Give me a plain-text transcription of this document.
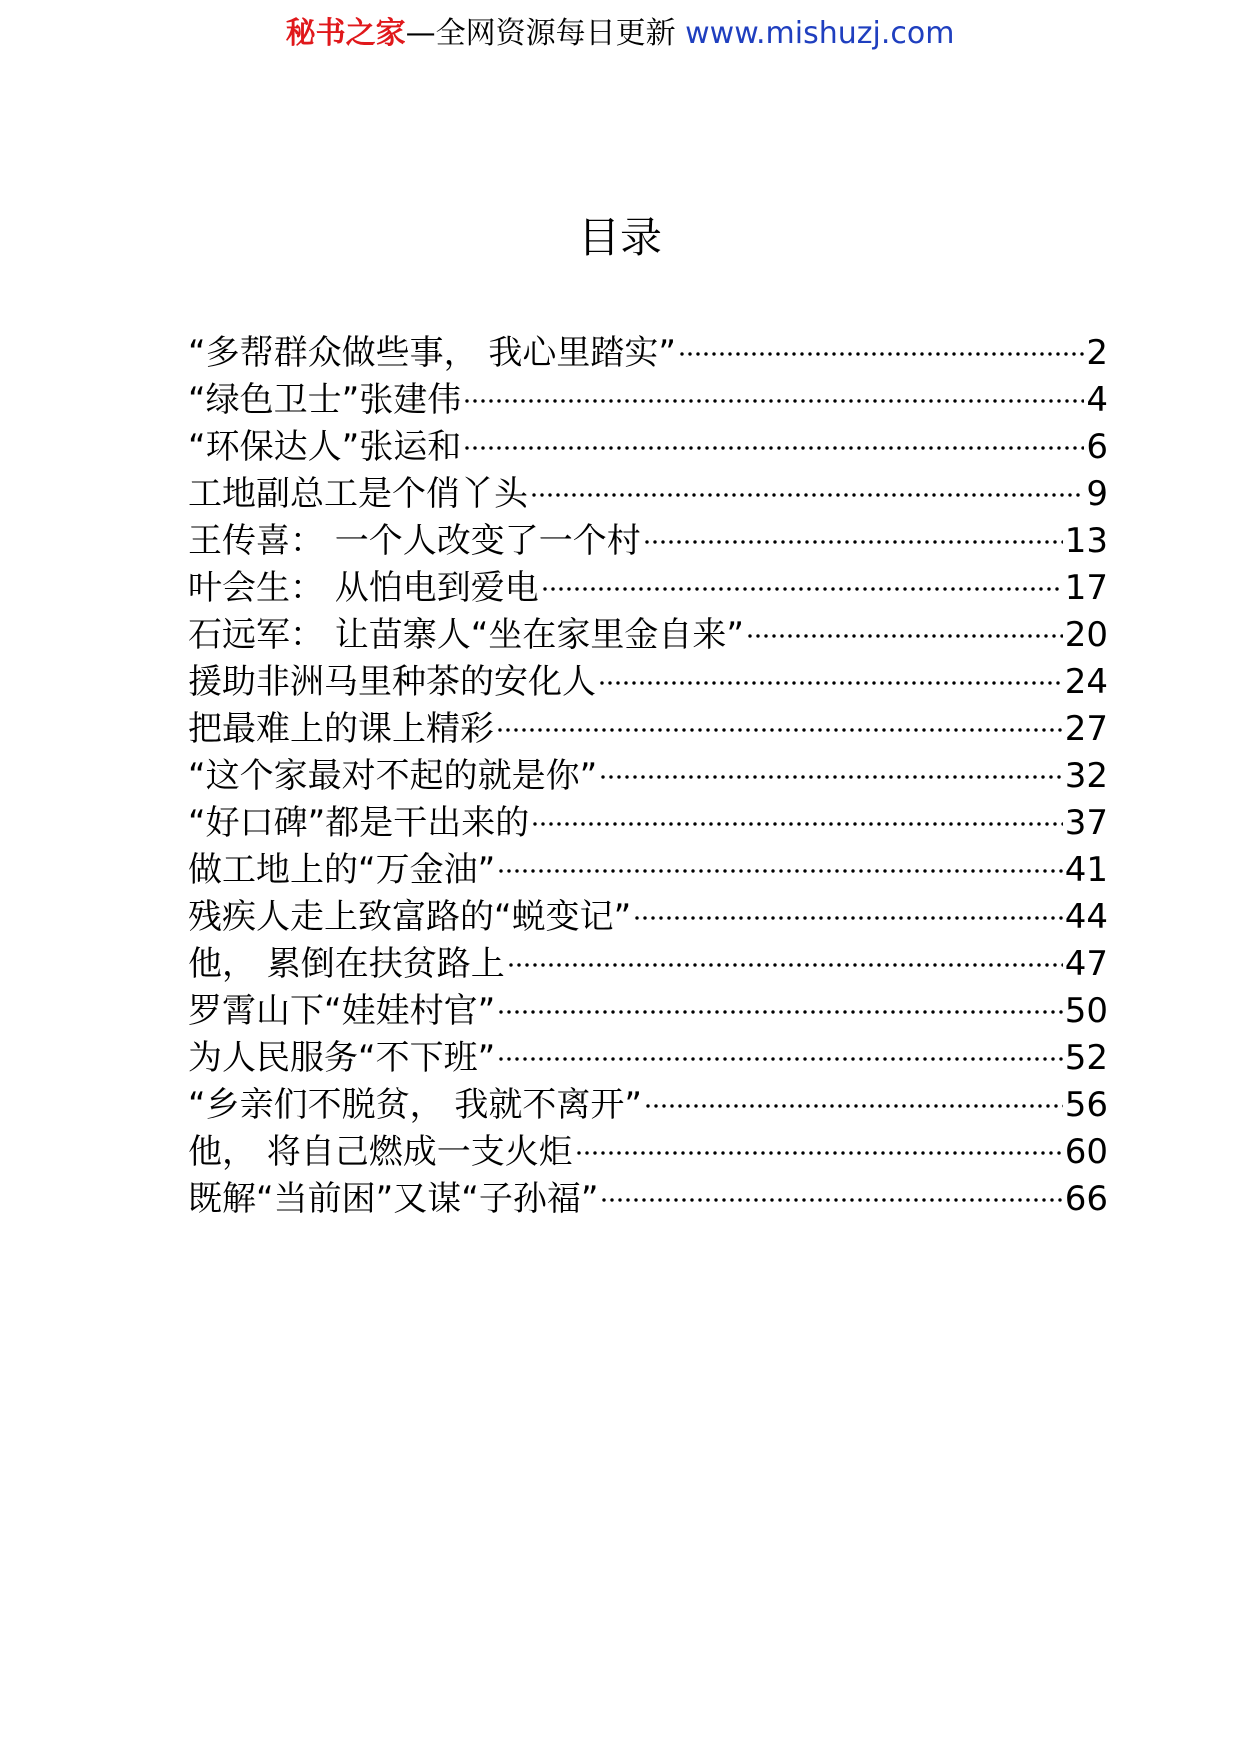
秘书之家—全网资源每日更新 www.mishuzj.com
目录
“多帮群众做些事， 我心里踏实”	2
“绿色卫士”张建伟	4
“环保达人”张运和	6
工地副总工是个俏丫头	9
王传喜： 一个人改变了一个村	13
叶会生： 从怕电到爱电	17
石远军： 让苗寨人“坐在家里金自来”	20
援助非洲马里种茶的安化人	24
把最难上的课上精彩	27
“这个家最对不起的就是你”	32
“好口碑”都是干出来的	37
做工地上的“万金油”	41
残疾人走上致富路的“蜕变记”	44
他， 累倒在扶贫路上	47
罗霄山下“娃娃村官”	50
为人民服务“不下班”	52
“乡亲们不脱贫， 我就不离开”	56
他， 将自己燃成一支火炬	60
既解“当前困”又谋“子孙福”	66
